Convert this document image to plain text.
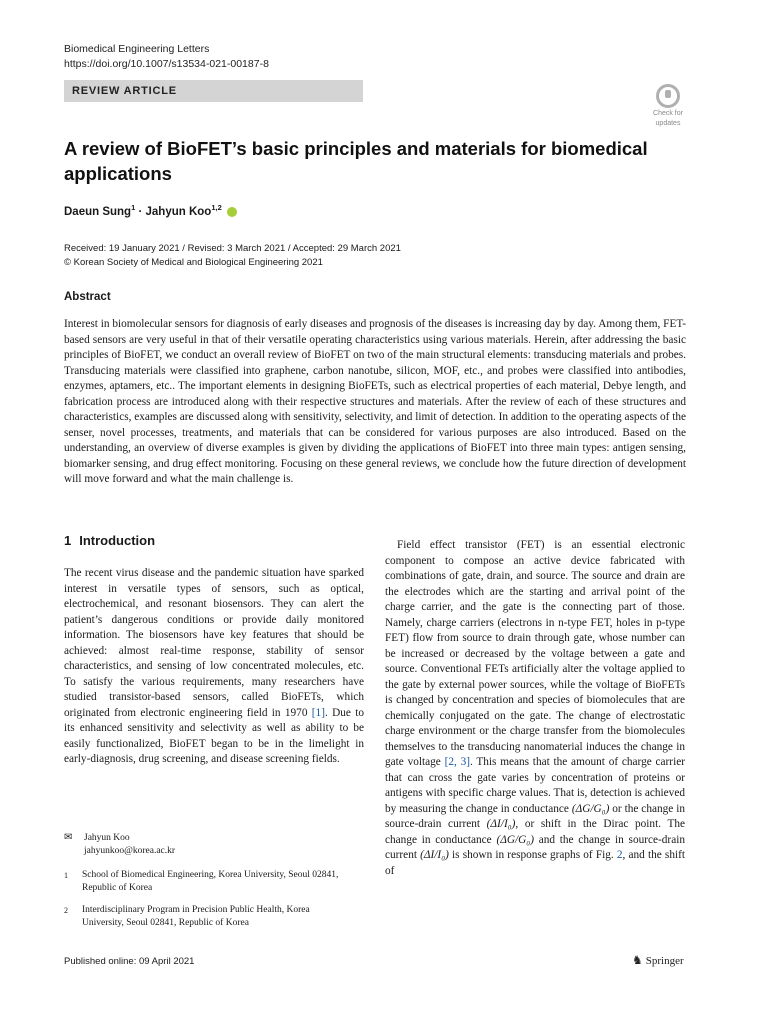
Biomedical Engineering Letters
https://doi.org/10.1007/s13534-021-00187-8
REVIEW ARTICLE
Check for
updates
A review of BioFET’s basic principles and materials for biomedical applications
Daeun Sung$^1$ · Jahyun Koo$^{1,2}$
Received: 19 January 2021 / Revised: 3 March 2021 / Accepted: 29 March 2021
© Korean Society of Medical and Biological Engineering 2021
Abstract

Interest in biomolecular sensors for diagnosis of early diseases and prognosis of the diseases is increasing day by day. Among them, FET-based sensors are very useful in that of their versatile operating characteristics using various materials. Herein, after addressing the basic principles of BioFET, we conduct an overall review of BioFET on two of the main structural elements: transducing materials and probes. Transducing materials were classified into graphene, carbon nanotube, silicon, MOF, etc., and probes were classified into antibodies, enzymes, aptamers, etc.. The important elements in designing BioFETs, such as electrical properties of each material, Debye length, and fabrication process are introduced along with their respective structures and materials. After the review of each of these structures and characteristics, examples are discussed along with sensitivity, selectivity, and limit of detection. In addition to the operating aspects of the senser, novel processes, treatments, and materials that can be considered for various purposes are also introduced. Based on the understanding, an overview of diverse examples is given by dividing the applications of BioFET into three main types: antigen sensing, biomarker sensing, and drug effect monitoring. Focusing on these general reviews, we conclude how the future direction of development will move forward and what the main challenge is.

1 Introduction

The recent virus disease and the pandemic situation have sparked interest in versatile types of sensors, such as optical, electrochemical, and resonant biosensors. They can alert the patient’s dangerous conditions or provide daily monitored information. The biosensors have key features that should be achieved: almost real-time response, stability of sensor characteristics, and sensing of low concentrated molecules, etc. To satisfy the various requirements, many researchers have studied transistor-based sensors, called BioFETs, which originated from electronic engineering field in 1970 [1]. Due to its enhanced sensitivity and selectivity as well as ability to be easily functionalized, BioFET began to be in the limelight in early-diagnosis, drug screening, and disease screening fields.

Field effect transistor (FET) is an essential electronic component to compose an active device fabricated with combinations of gate, drain, and source. The source and drain are the electrodes which are the starting and arrival point of the charge carrier, and the gate is the connecting part of those. Namely, charge carriers (electrons in n-type FET, holes in p-type FET) flow from source to drain through gate, whose number can be increased or decreased by the voltage between a gate and source. Conventional FETs artificially alter the voltage applied to the gate by external power sources, while the voltage of BioFETs is changed by concentration and species of biomolecules that are chemically conjugated on the gate. The change of electrostatic charge environment or the charge transfer from the biomolecules themselves to the transducing nanomaterial induces the change in gate voltage [2, 3]. This means that the amount of charge carrier that can cross the gate varies by concentration of proteins or antigens with specific charge values. That is, detection is achieved by measuring the change in conductance (ΔG/G₀) or the change in source-drain current (ΔI/I₀), or shift in the Dirac point. The change in conductance (ΔG/G₀) and the change in source-drain current (ΔI/I₀) is shown in response graphs of Fig. 2, and the shift of

✉ Jahyun Koo
jahyunkoo@korea.ac.kr
1 School of Biomedical Engineering, Korea University, Seoul 02841, Republic of Korea
2 Interdisciplinary Program in Precision Public Health, Korea University, Seoul 02841, Republic of Korea
Published online: 09 April 2021	♞ Springer
